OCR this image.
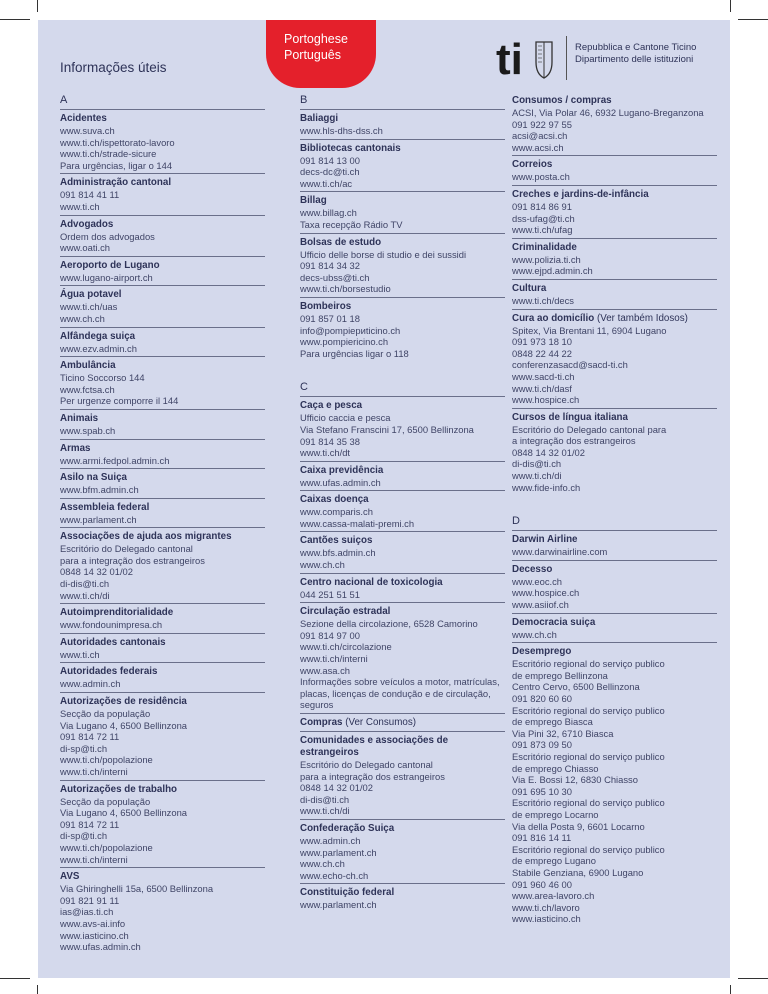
Informações úteis
Portoghese
Português	ti	Repubblica e Cantone Ticino
Dipartimento delle istituzioni
A
Acidentes
www.suva.ch
www.ti.ch/ispettorato-lavoro
www.ti.ch/strade-sicure
Para urgências, ligar o 144
Administração cantonal
091 814 41 11
www.ti.ch
Advogados
Ordem dos advogados
www.oati.ch
Aeroporto de Lugano
www.lugano-airport.ch
Água potavel
www.ti.ch/uas
www.ch.ch
Alfândega suiça
www.ezv.admin.ch
Ambulância
Ticino Soccorso 144
www.fctsa.ch
Per urgenze comporre il 144
Animais
www.spab.ch
Armas
www.armi.fedpol.admin.ch
Asilo na Suiça
www.bfm.admin.ch
Assembleia federal
www.parlament.ch
Associações de ajuda aos migrantes
Escritório do Delegado cantonal
para a integração dos estrangeiros
0848 14 32 01/02
di-dis@ti.ch
www.ti.ch/di
Autoimprenditorialidade
www.fondounimpresa.ch
Autoridades cantonais
www.ti.ch
Autoridades federais
www.admin.ch
Autorizações de residência
Secção da população
Via Lugano 4, 6500 Bellinzona
091 814 72 11
di-sp@ti.ch
www.ti.ch/popolazione
www.ti.ch/interni
Autorizações de trabalho
Secção da população
Via Lugano 4, 6500 Bellinzona
091 814 72 11
di-sp@ti.ch
www.ti.ch/popolazione
www.ti.ch/interni
AVS
Via Ghiringhelli 15a, 6500 Bellinzona
091 821 91 11
ias@ias.ti.ch
www.avs-ai.info
www.iasticino.ch
www.ufas.admin.ch
B
Baliaggi
www.hls-dhs-dss.ch
Bibliotecas cantonais
091 814 13 00
decs-dc@ti.ch
www.ti.ch/ac
Billag
www.billag.ch
Taxa recepção Rádio TV
Bolsas de estudo
Ufficio delle borse di studio e dei sussidi
091 814 34 32
decs-ubss@ti.ch
www.ti.ch/borsestudio
Bombeiros
091 857 01 18
info@pompiериticino.ch
www.pompiericino.ch
Para urgências ligar o 118
C
Caça e pesca
Ufficio caccia e pesca
Via Stefano Franscini 17, 6500 Bellinzona
091 814 35 38
www.ti.ch/dt
Caixa previdência
www.ufas.admin.ch
Caixas doença
www.comparis.ch
www.cassa-malati-premi.ch
Cantões suiços
www.bfs.admin.ch
www.ch.ch
Centro nacional de toxicologia
044 251 51 51
Circulação estradal
Sezione della circolazione, 6528 Camorino
091 814 97 00
www.ti.ch/circolazione
www.ti.ch/interni
www.asa.ch
Informações sobre veículos a motor, matrículas,
placas, licenças de condução e de circulação,
seguros
Compras (Ver Consumos)
Comunidades e associações de estrangeiros
Escritório do Delegado cantonal
para a integração dos estrangeiros
0848 14 32 01/02
di-dis@ti.ch
www.ti.ch/di
Confederação Suiça
www.admin.ch
www.parlament.ch
www.ch.ch
www.echo-ch.ch
Constituição federal
www.parlament.ch
Consumos / compras
ACSI, Via Polar 46, 6932 Lugano-Breganzona
091 922 97 55
acsi@acsi.ch
www.acsi.ch
Correios
www.posta.ch
Creches e jardins-de-infância
091 814 86 91
dss-ufag@ti.ch
www.ti.ch/ufag
Criminalidade
www.polizia.ti.ch
www.ejpd.admin.ch
Cultura
www.ti.ch/decs
Cura ao domicílio (Ver também Idosos)
Spitex, Via Brentani 11, 6904 Lugano
091 973 18 10
0848 22 44 22
conferenzasacd@sacd-ti.ch
www.sacd-ti.ch
www.ti.ch/dasf
www.hospice.ch
Cursos de língua italiana
Escritório do Delegado cantonal para
a integração dos estrangeiros
0848 14 32 01/02
di-dis@ti.ch
www.ti.ch/di
www.fide-info.ch
D
Darwin Airline
www.darwinairline.com
Decesso
www.eoc.ch
www.hospice.ch
www.asiiof.ch
Democracia suiça
www.ch.ch
Desemprego
Escritório regional do serviço publico
de emprego Bellinzona
Centro Cervo, 6500 Bellinzona
091 820 60 60
Escritório regional do serviço publico
de emprego Biasca
Via Pini 32, 6710 Biasca
091 873 09 50
Escritório regional do serviço publico
de emprego Chiasso
Via E. Bossi 12, 6830 Chiasso
091 695 10 30
Escritório regional do serviço publico
de emprego Locarno
Via della Posta 9, 6601 Locarno
091 816 14 11
Escritório regional do serviço publico
de emprego Lugano
Stabile Genziana, 6900 Lugano
091 960 46 00
www.area-lavoro.ch
www.ti.ch/lavoro
www.iasticino.ch
